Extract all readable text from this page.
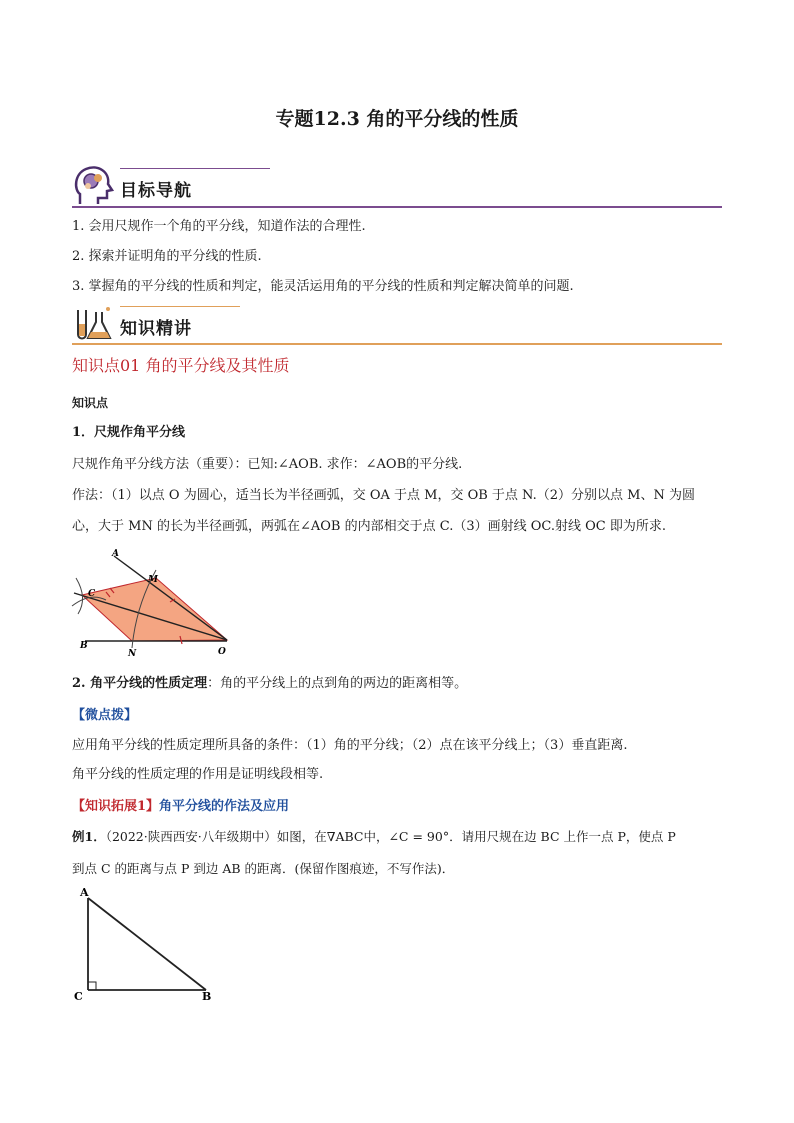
专题12.3 角的平分线的性质
目标导航
1. 会用尺规作一个角的平分线，知道作法的合理性.
2. 探索并证明角的平分线的性质.
3. 掌握角的平分线的性质和判定，能灵活运用角的平分线的性质和判定解决简单的问题.
知识精讲
知识点01 角的平分线及其性质
知识点
1．尺规作角平分线
尺规作角平分线方法（重要）：已知:∠AOB. 求作：∠AOB的平分线.
作法：（1）以点 O 为圆心，适当长为半径画弧，交 OA 于点 M，交 OB 于点 N.（2）分别以点 M、N 为圆
心，大于 MN 的长为半径画弧，两弧在∠AOB 的内部相交于点 C.（3）画射线 OC.射线 OC 即为所求.
A
M
C
B
N	O
2. 角平分线的性质定理：角的平分线上的点到角的两边的距离相等。
【微点拨】
应用角平分线的性质定理所具备的条件：（1）角的平分线；（2）点在该平分线上；（3）垂直距离.
角平分线的性质定理的作用是证明线段相等.
【知识拓展1】角平分线的作法及应用
例1．（2022·陕西西安·八年级期中）如图，在∇ABC中，∠C = 90°．请用尺规在边 BC 上作一点 P，使点 P
到点 C 的距离与点 P 到边 AB 的距离．(保留作图痕迹，不写作法)．
A
C	B
